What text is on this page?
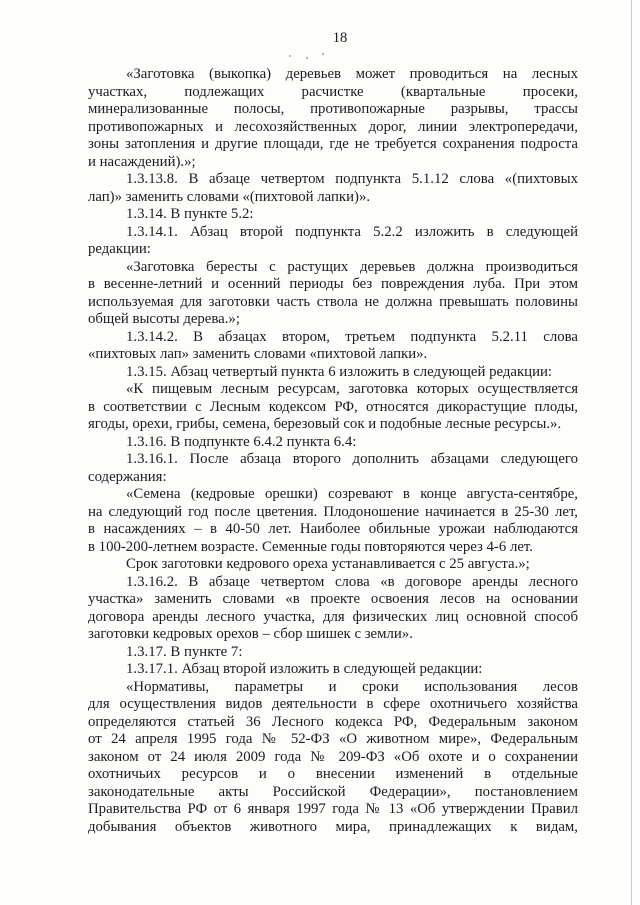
18
«Заготовка (выкопка) деревьев может проводиться на лесных
участках, подлежащих расчистке (квартальные просеки,
минерализованные полосы, противопожарные разрывы, трассы
противопожарных и лесохозяйственных дорог, линии электропередачи,
зоны затопления и другие площади, где не требуется сохранения подроста
и насаждений).»;
1.3.13.8. В абзаце четвертом подпункта 5.1.12 слова «(пихтовых
лап)» заменить словами «(пихтовой лапки)».
1.3.14. В пункте 5.2:
1.3.14.1. Абзац второй подпункта 5.2.2 изложить в следующей
редакции:
«Заготовка бересты с растущих деревьев должна производиться
в весенне-летний и осенний периоды без повреждения луба. При этом
используемая для заготовки часть ствола не должна превышать половины
общей высоты дерева.»;
1.3.14.2. В абзацах втором, третьем подпункта 5.2.11 слова
«пихтовых лап» заменить словами «пихтовой лапки».
1.3.15. Абзац четвертый пункта 6 изложить в следующей редакции:
«К пищевым лесным ресурсам, заготовка которых осуществляется
в соответствии с Лесным кодексом РФ, относятся дикорастущие плоды,
ягоды, орехи, грибы, семена, березовый сок и подобные лесные ресурсы.».
1.3.16. В подпункте 6.4.2 пункта 6.4:
1.3.16.1. После абзаца второго дополнить абзацами следующего
содержания:
«Семена (кедровые орешки) созревают в конце августа-сентябре,
на следующий год после цветения. Плодоношение начинается в 25-30 лет,
в насаждениях – в 40-50 лет. Наиболее обильные урожаи наблюдаются
в 100-200-летнем возрасте. Семенные годы повторяются через 4-6 лет.
Срок заготовки кедрового ореха устанавливается с 25 августа.»;
1.3.16.2. В абзаце четвертом слова «в договоре аренды лесного
участка» заменить словами «в проекте освоения лесов на основании
договора аренды лесного участка, для физических лиц основной способ
заготовки кедровых орехов – сбор шишек с земли».
1.3.17. В пункте 7:
1.3.17.1. Абзац второй изложить в следующей редакции:
«Нормативы, параметры и сроки использования лесов
для осуществления видов деятельности в сфере охотничьего хозяйства
определяются статьей 36 Лесного кодекса РФ, Федеральным законом
от 24 апреля 1995 года № 52-ФЗ «О животном мире», Федеральным
законом от 24 июля 2009 года № 209-ФЗ «Об охоте и о сохранении
охотничьих ресурсов и о внесении изменений в отдельные
законодательные акты Российской Федерации», постановлением
Правительства РФ от 6 января 1997 года № 13 «Об утверждении Правил
добывания объектов животного мира, принадлежащих к видам,
